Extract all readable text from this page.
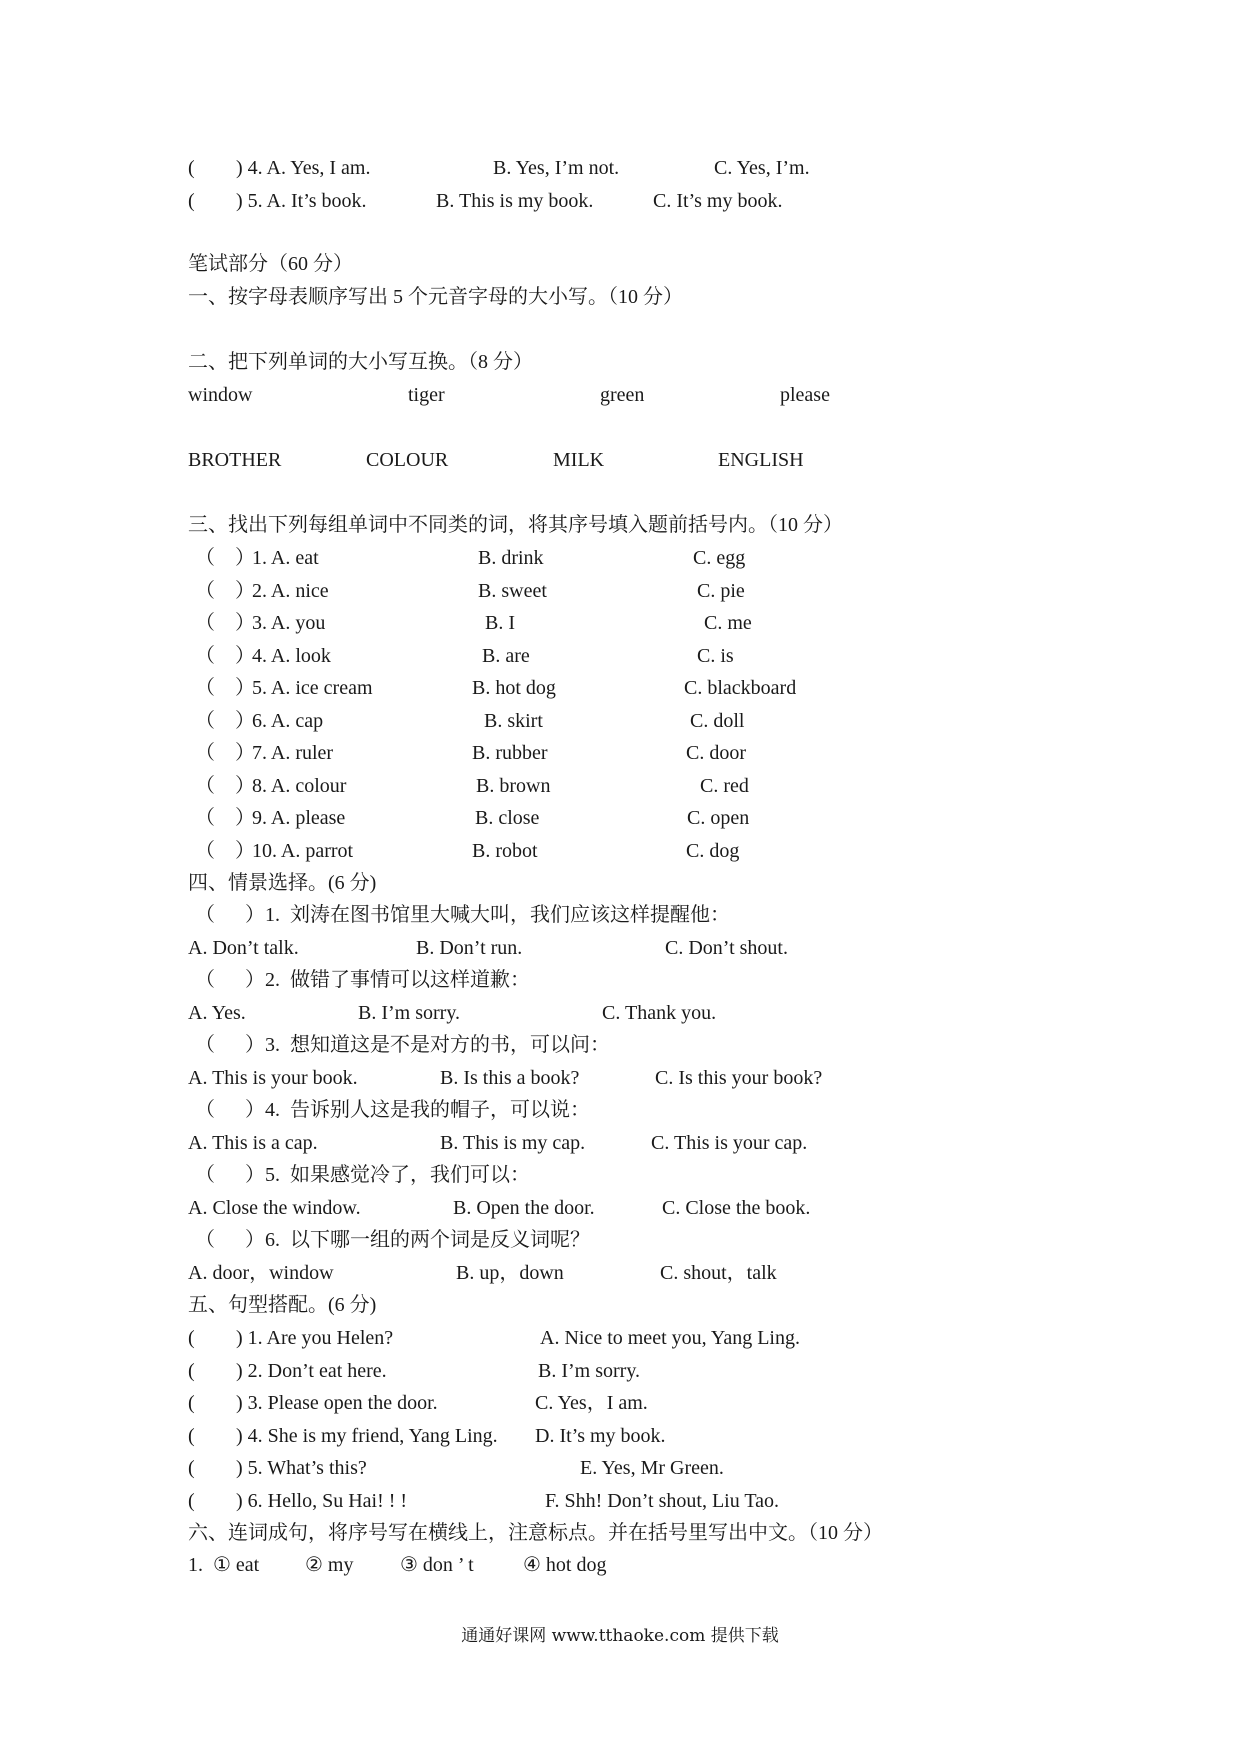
( ) 4. A. Yes, I am.	B. Yes, I’m not.	C. Yes, I’m.
( ) 5. A. It’s book.	B. This is my book.	C. It’s my book.
笔试部分（60 分）
一、按字母表顺序写出 5 个元音字母的大小写。（10 分）
二、把下列单词的大小写互换。（8 分）
window	tiger	green	please
BROTHER	COLOUR	MILK	ENGLISH
三、找出下列每组单词中不同类的词，将其序号填入题前括号内。（10 分）
（    ）
1. A. eat	B. drink	C. egg
（    ）
2. A. nice	B. sweet	C. pie
（    ）
3. A. you	B. I	C. me
（    ）
4. A. look	B. are	C. is
（    ）
5. A. ice cream	B. hot dog	C. blackboard
（    ）
6. A. cap	B. skirt	C. doll
（    ）
7. A. ruler	B. rubber	C. door
（    ）
8. A. colour	B. brown	C. red
（    ）
9. A. please	B. close	C. open
（    ）
10. A. parrot	B. robot	C. dog
四、情景选择。(6 分)
（      ）1.  刘涛在图书馆里大喊大叫，我们应该这样提醒他：
A. Don’t talk.	B. Don’t run.	C. Don’t shout.
（      ）2.  做错了事情可以这样道歉：
A. Yes.	B. I’m sorry.	C. Thank you.
（      ）3.  想知道这是不是对方的书，可以问：
A. This is your book.	B. Is this a book?	C. Is this your book?
（      ）4.  告诉别人这是我的帽子，可以说：
A. This is a cap.	B. This is my cap.	C. This is your cap.
（      ）5.  如果感觉冷了，我们可以：
A. Close the window.	B. Open the door.	C. Close the book.
（      ）6.  以下哪一组的两个词是反义词呢？
A. door，window	B. up，down	C. shout，talk
五、句型搭配。(6 分)
( ) 1. Are you Helen?	A. Nice to meet you, Yang Ling.
( ) 2. Don’t eat here.	B. I’m sorry.
( ) 3. Please open the door.	C. Yes，I am.
( ) 4. She is my friend, Yang Ling. D. It’s my book.
( ) 5. What’s this?	E. Yes, Mr Green.
( ) 6. Hello, Su Hai! ! !	F. Shh! Don’t shout, Liu Tao.
六、连词成句，将序号写在横线上，注意标点。并在括号里写出中文。（10 分）
1. ① eat ② my ③ don ’ t ④ hot dog
通通好课网 www.tthaoke.com 提供下载
